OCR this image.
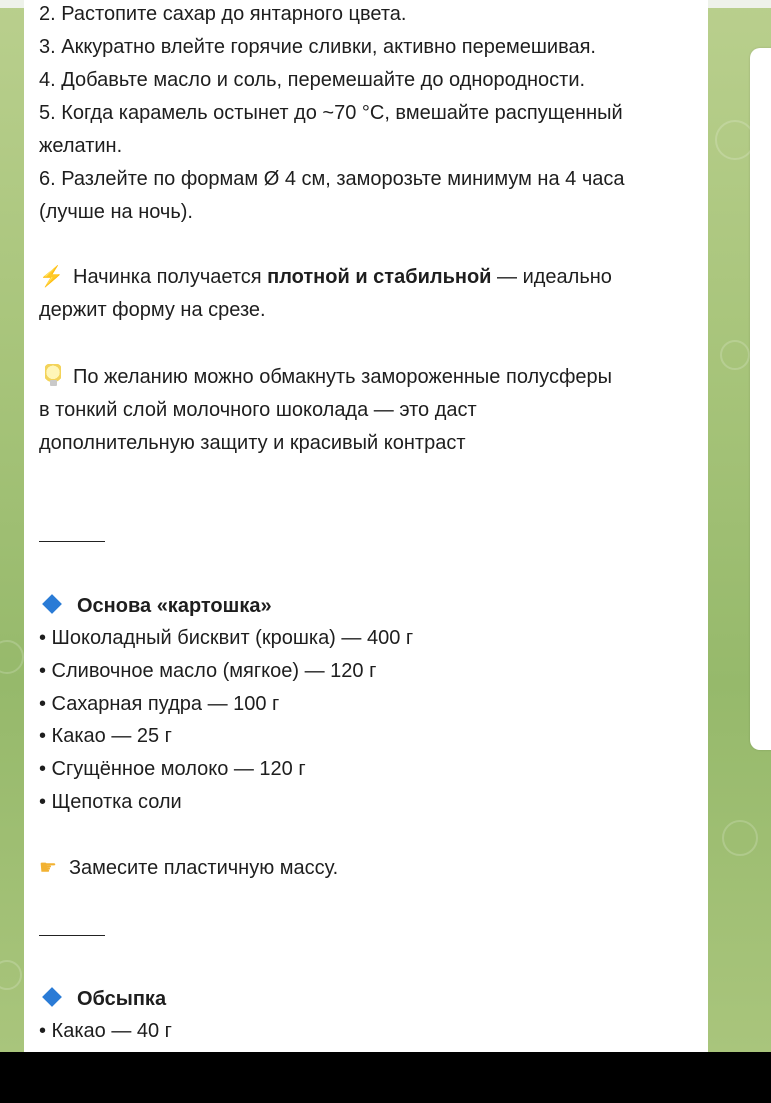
2. Растопите сахар до янтарного цвета.
3. Аккуратно влейте горячие сливки, активно перемешивая.
4. Добавьте масло и соль, перемешайте до однородности.
5. Когда карамель остынет до ~70 °C, вмешайте распущенный
желатин.
6. Разлейте по формам Ø 4 см, заморозьте минимум на 4 часа
(лучше на ночь).
⚡ Начинка получается плотной и стабильной — идеально
держит форму на срезе.
По желанию можно обмакнуть замороженные полусферы
в тонкий слой молочного шоколада — это даст
дополнительную защиту и красивый контраст
Основа «картошка»
• Шоколадный бисквит (крошка) — 400 г
• Сливочное масло (мягкое) — 120 г
• Сахарная пудра — 100 г
• Какао — 25 г
• Сгущённое молоко — 120 г
• Щепотка соли
☛ Замесите пластичную массу.
Обсыпка
• Какао — 40 г
